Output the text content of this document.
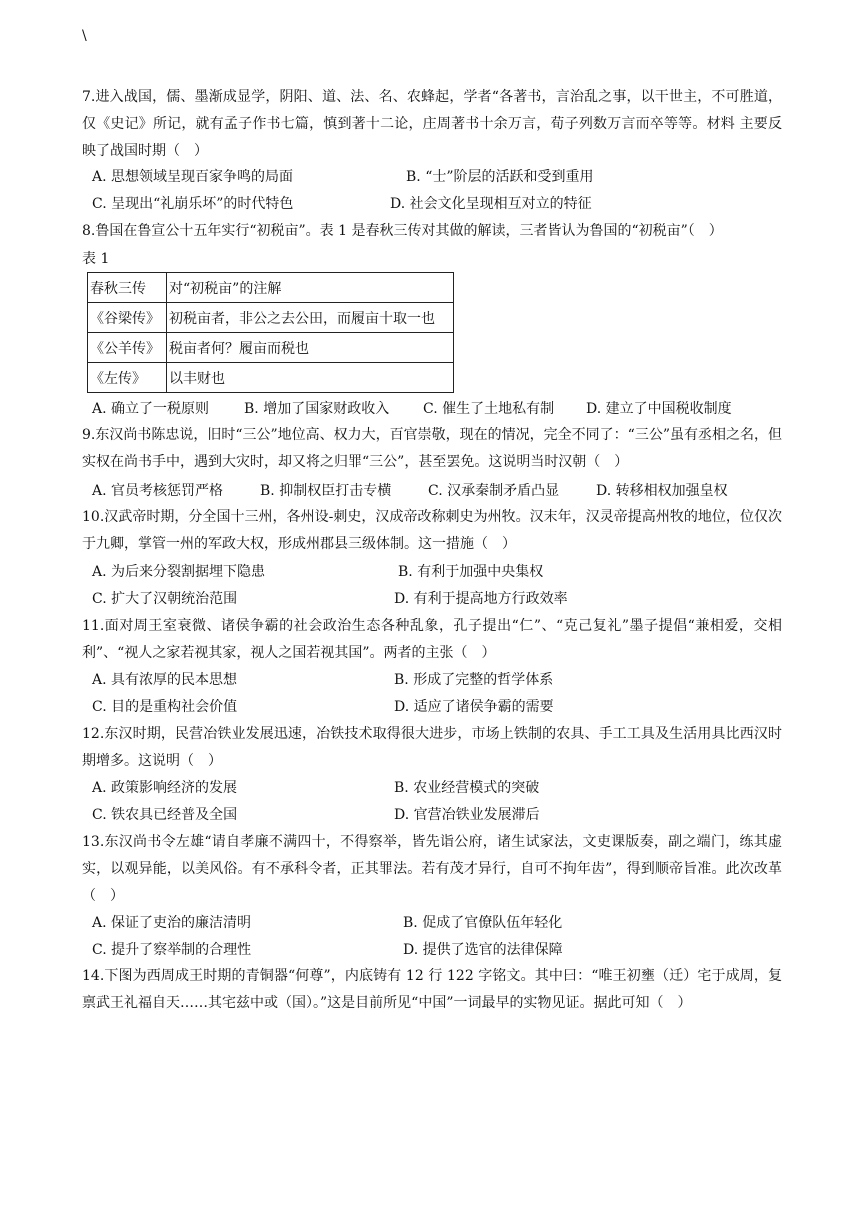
\
7.进入战国，儒、墨渐成显学，阴阳、道、法、名、农蜂起，学者“各著书，言治乱之事，以干世主，不可胜道， 仅《史记》所记，就有孟子作书七篇，慎到著十二论，庄周著书十余万言，荀子列数万言而卒等等。材料 主要反映了战国时期（　）
A. 思想领域呈现百家争鸣的局面	B. “士”阶层的活跃和受到重用
C. 呈现出“礼崩乐坏”的时代特色	D. 社会文化呈现相互对立的特征
8.鲁国在鲁宣公十五年实行“初税亩”。表 1 是春秋三传对其做的解读，三者皆认为鲁国的“初税亩”（　）
表 1
春秋三传	对“初税亩”的注解
《谷梁传》	初税亩者，非公之去公田，而履亩十取一也
《公羊传》	税亩者何？履亩而税也
《左传》	以丰财也
A. 确立了一税原则 B. 增加了国家财政收入 C. 催生了土地私有制 D. 建立了中国税收制度
9.东汉尚书陈忠说，旧时“三公”地位高、权力大，百官崇敬，现在的情况，完全不同了：“三公”虽有丞相之名，但实权在尚书手中，遇到大灾时，却又将之归罪“三公”，甚至罢免。这说明当时汉朝（　）
A. 官员考核惩罚严格	B. 抑制权臣打击专横	C. 汉承秦制矛盾凸显	D. 转移相权加强皇权
10.汉武帝时期，分全国十三州，各州设-刺史，汉成帝改称刺史为州牧。汉末年，汉灵帝提高州牧的地位，位仅次于九卿，掌管一州的军政大权，形成州郡县三级体制。这一措施（　）
A. 为后来分裂割据埋下隐患	B. 有利于加强中央集权
C. 扩大了汉朝统治范围	D. 有利于提高地方行政效率
11.面对周王室衰微、诸侯争霸的社会政治生态各种乱象，孔子提出“仁”、“克己复礼”墨子提倡“兼相爱，交相利”、“视人之家若视其家，视人之国若视其国”。两者的主张（　）
A. 具有浓厚的民本思想	B. 形成了完整的哲学体系
C. 目的是重构社会价值	D. 适应了诸侯争霸的需要
12.东汉时期，民营冶铁业发展迅速，冶铁技术取得很大进步，市场上铁制的农具、手工工具及生活用具比西汉时期增多。这说明（　）
A. 政策影响经济的发展	B. 农业经营模式的突破
C. 铁农具已经普及全国	D. 官营冶铁业发展滞后
13.东汉尚书令左雄“请自孝廉不满四十，不得察举，皆先诣公府，诸生试家法，文吏课版奏，副之端门，练其虚实，以观异能，以美风俗。有不承科令者，正其罪法。若有茂才异行，自可不拘年齿”，得到顺帝旨准。此次改革（　）
A. 保证了吏治的廉洁清明	B. 促成了官僚队伍年轻化
C. 提升了察举制的合理性	D. 提供了选官的法律保障
14.下图为西周成王时期的青铜器“何尊”，内底铸有 12 行 122 字铭文。其中曰：“唯王初壅（迁）宅于成周，复禀武王礼福自天……其宅兹中或（国）。”这是目前所见“中国”一词最早的实物见证。据此可知（　）
